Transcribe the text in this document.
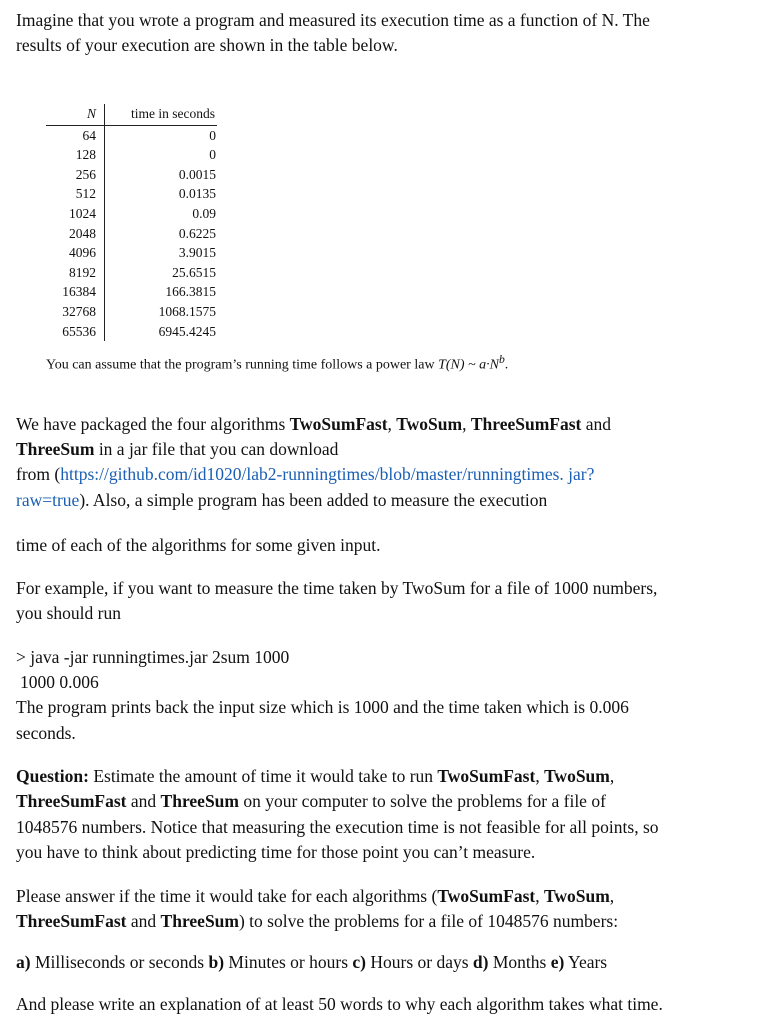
Imagine that you wrote a program and measured its execution time as a function of N. The
results of your execution are shown in the table below.
N	time in seconds
64	0
128	0
256	0.0015
512	0.0135
1024	0.09
2048	0.6225
4096	3.9015
8192	25.6515
16384	166.3815
32768	1068.1575
65536	6945.4245
You can assume that the program’s running time follows a power law T(N) ~ $a\cdot N^b$.
We have packaged the four algorithms TwoSumFast, TwoSum, ThreeSumFast and
ThreeSum in a jar file that you can download
from (https://github.com/id1020/lab2-runningtimes/blob/master/runningtimes. jar?
raw=true). Also, a simple program has been added to measure the execution
time of each of the algorithms for some given input.
For example, if you want to measure the time taken by TwoSum for a file of 1000 numbers,
you should run
> java -jar runningtimes.jar 2sum 1000
1000 0.006
The program prints back the input size which is 1000 and the time taken which is 0.006
seconds.
Question: Estimate the amount of time it would take to run TwoSumFast, TwoSum,
ThreeSumFast and ThreeSum on your computer to solve the problems for a file of
1048576 numbers. Notice that measuring the execution time is not feasible for all points, so
you have to think about predicting time for those point you can’t measure.
Please answer if the time it would take for each algorithms (TwoSumFast, TwoSum,
ThreeSumFast and ThreeSum) to solve the problems for a file of 1048576 numbers:
a) Milliseconds or seconds b) Minutes or hours c) Hours or days d) Months e) Years
And please write an explanation of at least 50 words to why each algorithm takes what time.
